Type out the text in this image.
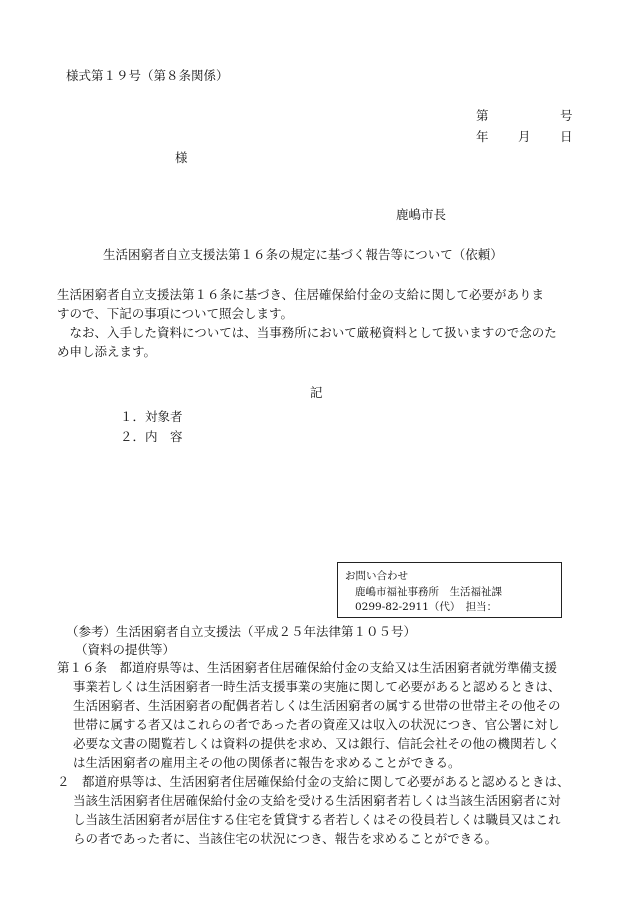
様式第１９号（第８条関係）
第	号
年 月 日
様
鹿嶋市長
生活困窮者自立支援法第１６条の規定に基づく報告等について（依頼）
生活困窮者自立支援法第１６条に基づき、住居確保給付金の支給に関して必要がありま
すので、下記の事項について照会します。
　なお、入手した資料については、当事務所において厳秘資料として扱いますので念のた
め申し添えます。
記
１．対象者
２．内　容
お問い合わせ
鹿嶋市福祉事務所　生活福祉課
0299-82-2911（代）　担当：
（参考）生活困窮者自立支援法（平成２５年法律第１０５号）
（資料の提供等）
第１６条　都道府県等は、生活困窮者住居確保給付金の支給又は生活困窮者就労準備支援
事業若しくは生活困窮者一時生活支援事業の実施に関して必要があると認めるときは、
生活困窮者、生活困窮者の配偶者若しくは生活困窮者の属する世帯の世帯主その他その
世帯に属する者又はこれらの者であった者の資産又は収入の状況につき、官公署に対し
必要な文書の閲覧若しくは資料の提供を求め、又は銀行、信託会社その他の機関若しく
は生活困窮者の雇用主その他の関係者に報告を求めることができる。
２　都道府県等は、生活困窮者住居確保給付金の支給に関して必要があると認めるときは、
当該生活困窮者住居確保給付金の支給を受ける生活困窮者若しくは当該生活困窮者に対
し当該生活困窮者が居住する住宅を賃貸する者若しくはその役員若しくは職員又はこれ
らの者であった者に、当該住宅の状況につき、報告を求めることができる。
